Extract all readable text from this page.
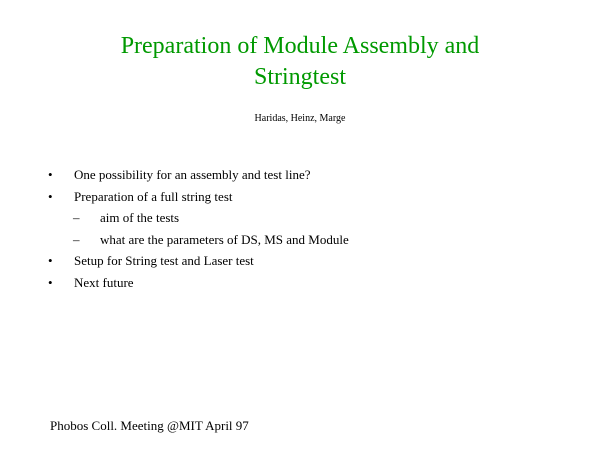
Preparation of Module Assembly and
Stringtest
Haridas, Heinz, Marge
• One possibility for an assembly and test line?
• Preparation of a full string test
– aim of the tests
– what are the parameters of DS, MS and Module
• Setup for String test and Laser test
• Next future
Phobos Coll. Meeting @MIT April 97
